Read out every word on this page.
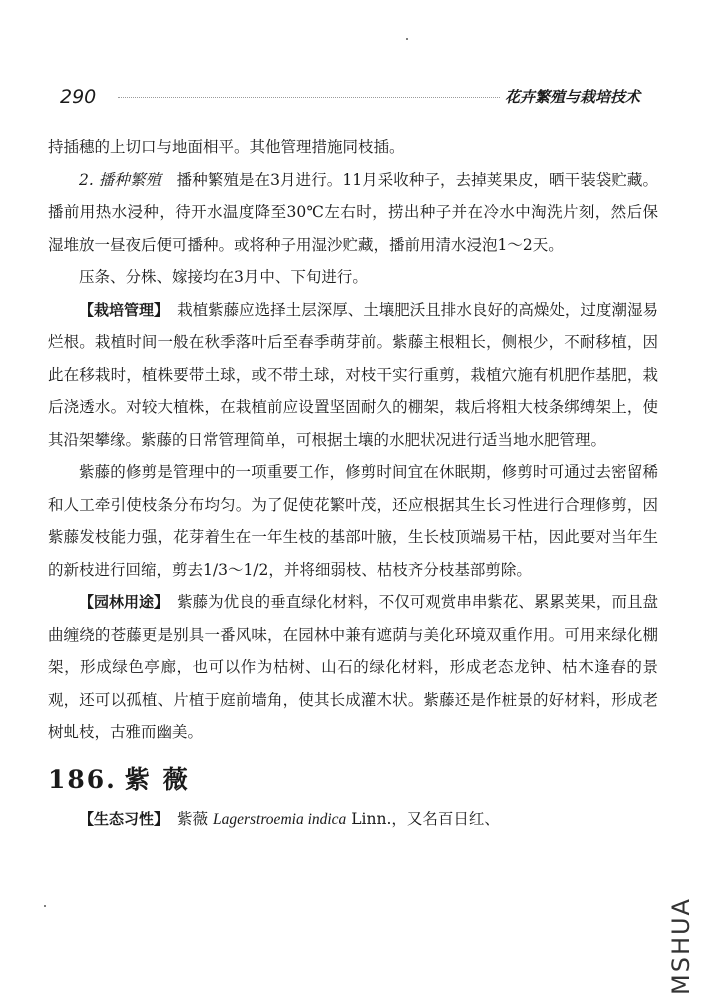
290	花卉繁殖与栽培技术

持插穗的上切口与地面相平。其他管理措施同枝插。

2. 播种繁殖　 播种繁殖是在3月进行。11月采收种子，去掉荚果皮，晒干装袋贮藏。播前用热水浸种，待开水温度降至30℃左右时，捞出种子并在冷水中淘洗片刻，然后保湿堆放一昼夜后便可播种。或将种子用湿沙贮藏，播前用清水浸泡1～2天。

压条、分株、嫁接均在3月中、下旬进行。

【栽培管理】　 栽植紫藤应选择土层深厚、土壤肥沃且排水良好的高燥处，过度潮湿易烂根。栽植时间一般在秋季落叶后至春季萌芽前。紫藤主根粗长，侧根少，不耐移植，因此在移栽时，植株要带土球，或不带土球，对枝干实行重剪，栽植穴施有机肥作基肥，栽后浇透水。对较大植株，在栽植前应设置坚固耐久的棚架，栽后将粗大枝条绑缚架上，使其沿架攀缘。紫藤的日常管理简单，可根据土壤的水肥状况进行适当地水肥管理。

紫藤的修剪是管理中的一项重要工作，修剪时间宜在休眠期，修剪时可通过去密留稀和人工牵引使枝条分布均匀。为了促使花繁叶茂，还应根据其生长习性进行合理修剪，因紫藤发枝能力强，花芽着生在一年生枝的基部叶腋，生长枝顶端易干枯，因此要对当年生的新枝进行回缩，剪去1/3～1/2，并将细弱枝、枯枝齐分枝基部剪除。

【园林用途】　 紫藤为优良的垂直绿化材料，不仅可观赏串串紫花、累累荚果，而且盘曲缠绕的苍藤更是别具一番风味，在园林中兼有遮荫与美化环境双重作用。可用来绿化棚架，形成绿色亭廊，也可以作为枯树、山石的绿化材料，形成老态龙钟、枯木逢春的景观，还可以孤植、片植于庭前墙角，使其长成灌木状。紫藤还是作桩景的好材料，形成老树虬枝，古雅而幽美。

186. 紫 薇

【生态习性】　 紫薇 Lagerstroemia indica Linn.，又名百日红、

MSHUA
